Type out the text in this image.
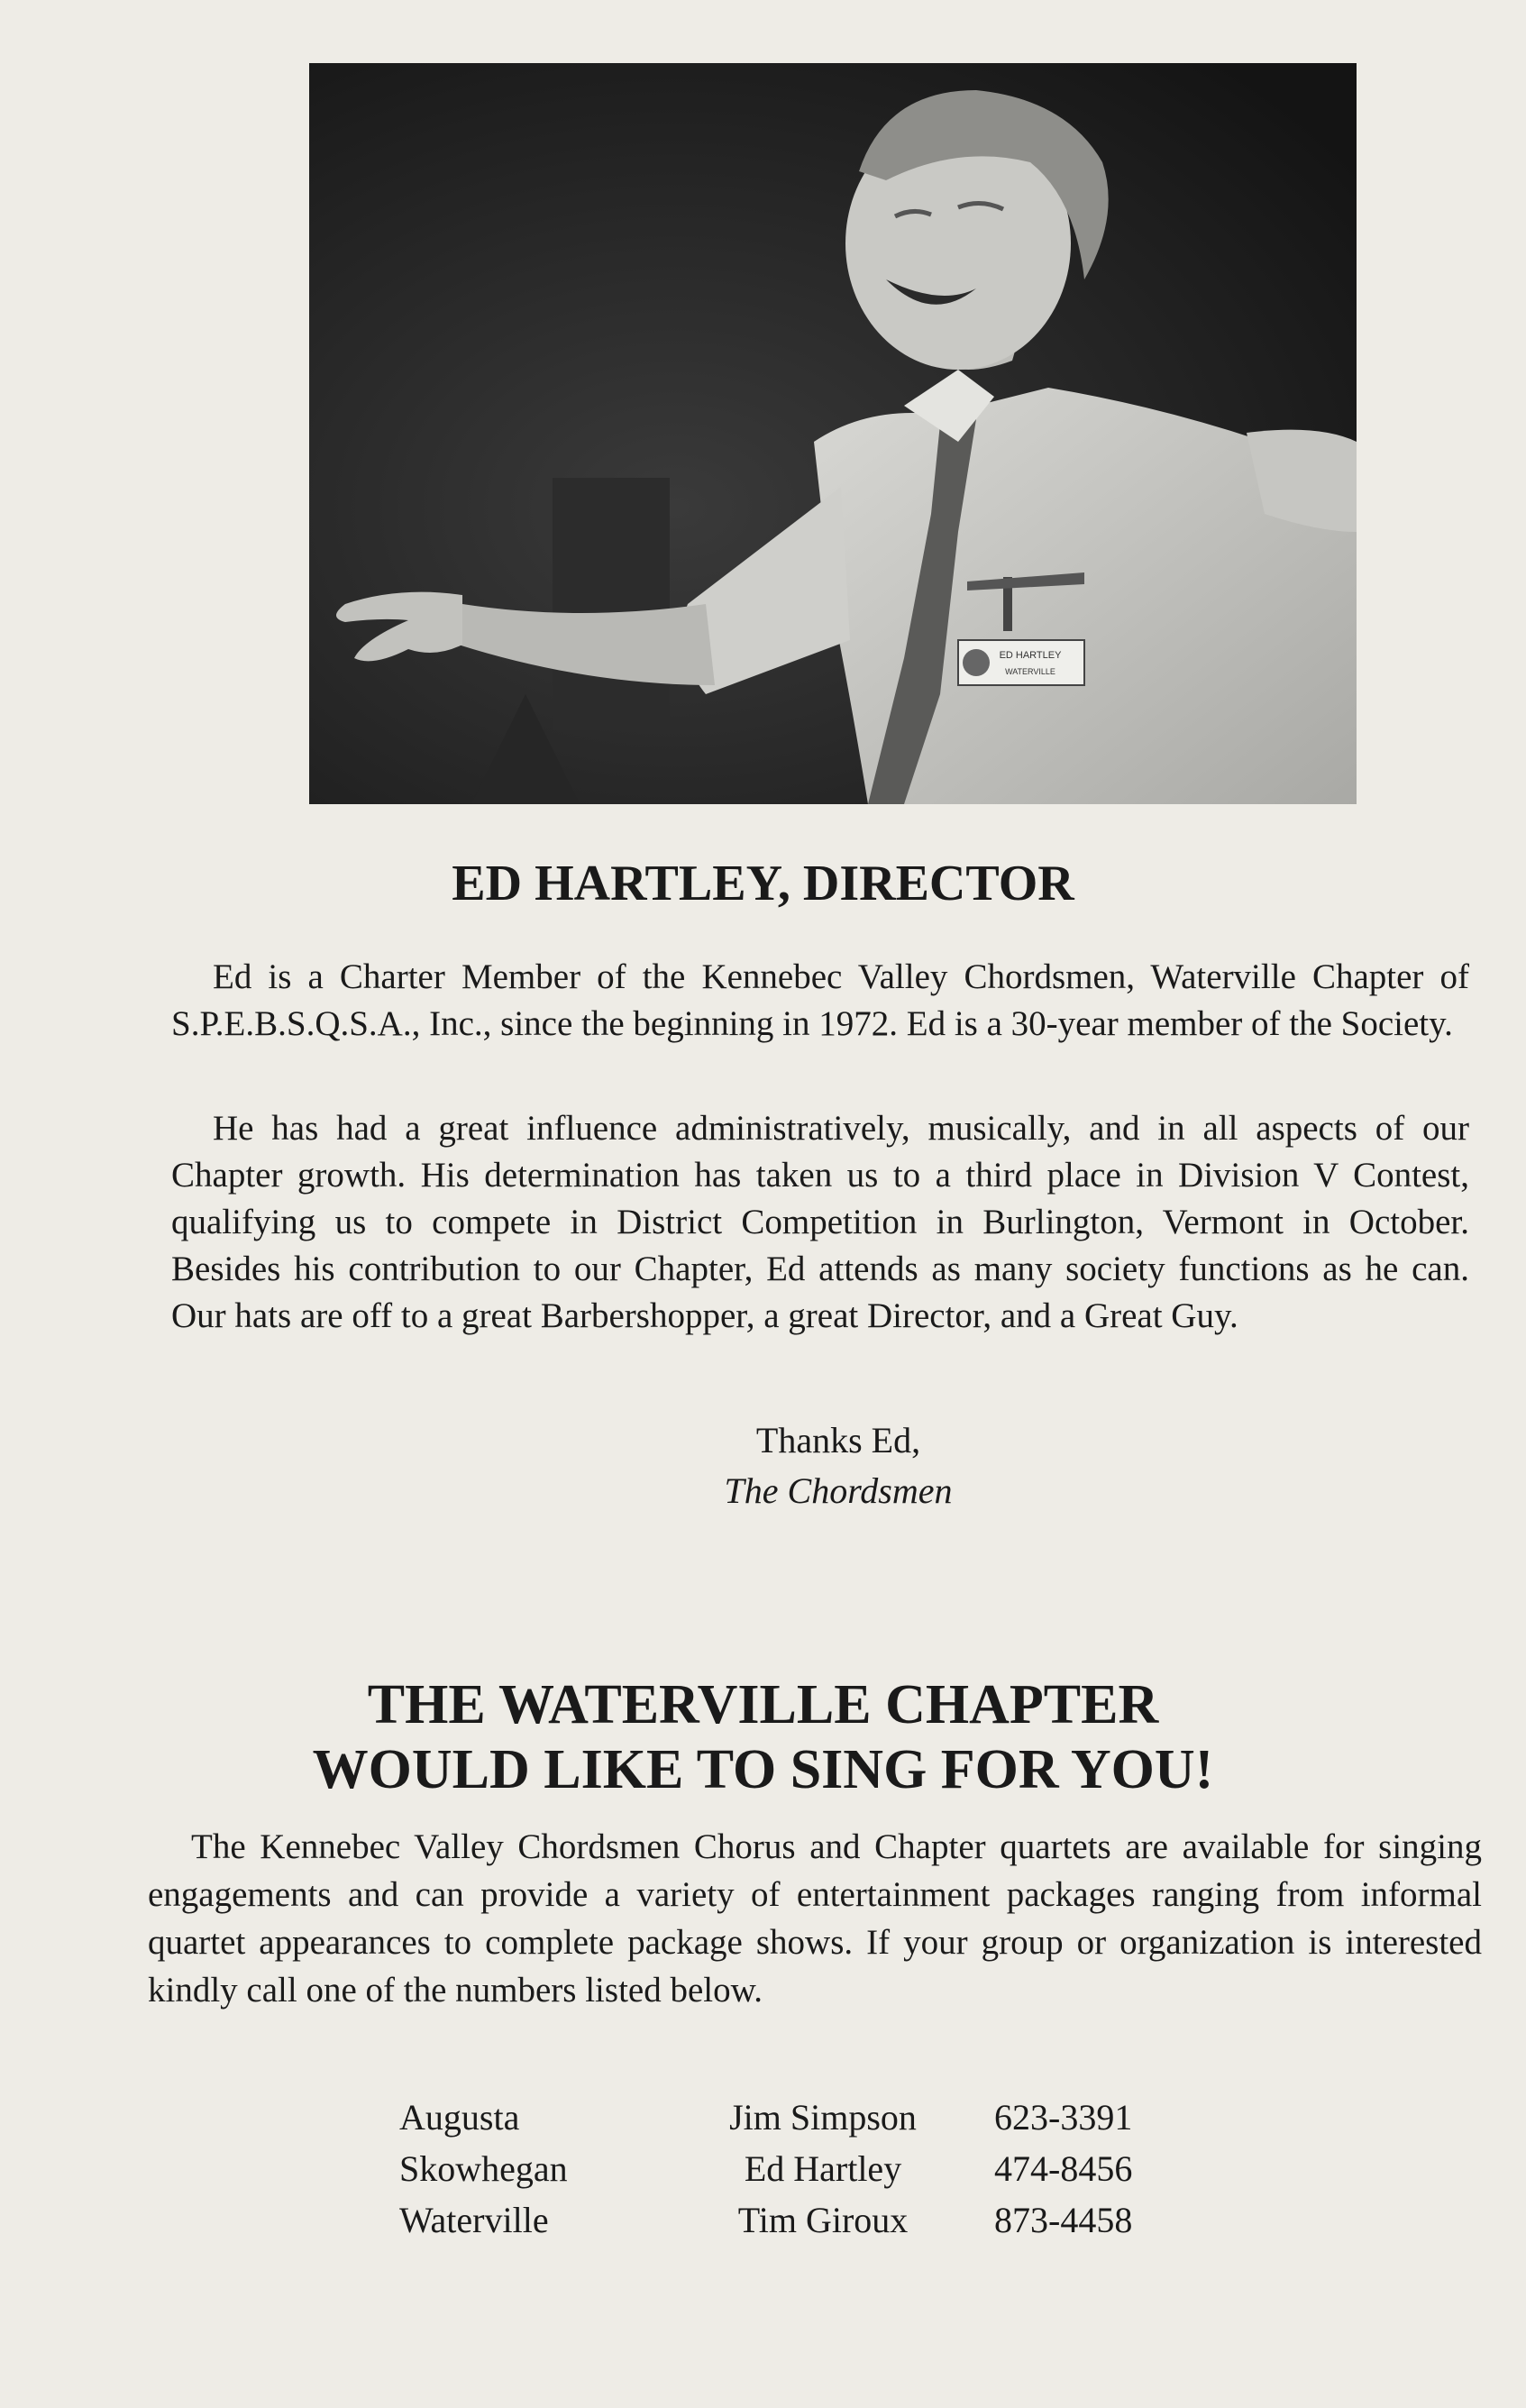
ED HARTLEY
WATERVILLE
ED HARTLEY, DIRECTOR

Ed is a Charter Member of the Kennebec Valley Chordsmen, Waterville Chapter of S.P.E.B.S.Q.S.A., Inc., since the beginning in 1972. Ed is a 30-year member of the Society.

He has had a great influence administratively, musically, and in all aspects of our Chapter growth. His determination has taken us to a third place in Division V Contest, qualifying us to compete in District Competition in Burlington, Vermont in October. Besides his contribution to our Chapter, Ed attends as many society functions as he can. Our hats are off to a great Barbershopper, a great Director, and a Great Guy.

Thanks Ed,
The Chordsmen
THE WATERVILLE CHAPTER
WOULD LIKE TO SING FOR YOU!

The Kennebec Valley Chordsmen Chorus and Chapter quartets are available for singing engagements and can provide a variety of entertainment packages ranging from informal quartet appearances to complete package shows. If your group or organization is interested kindly call one of the numbers listed below.

Augusta	Jim Simpson	623-3391
Skowhegan	Ed Hartley	474-8456
Waterville	Tim Giroux	873-4458
